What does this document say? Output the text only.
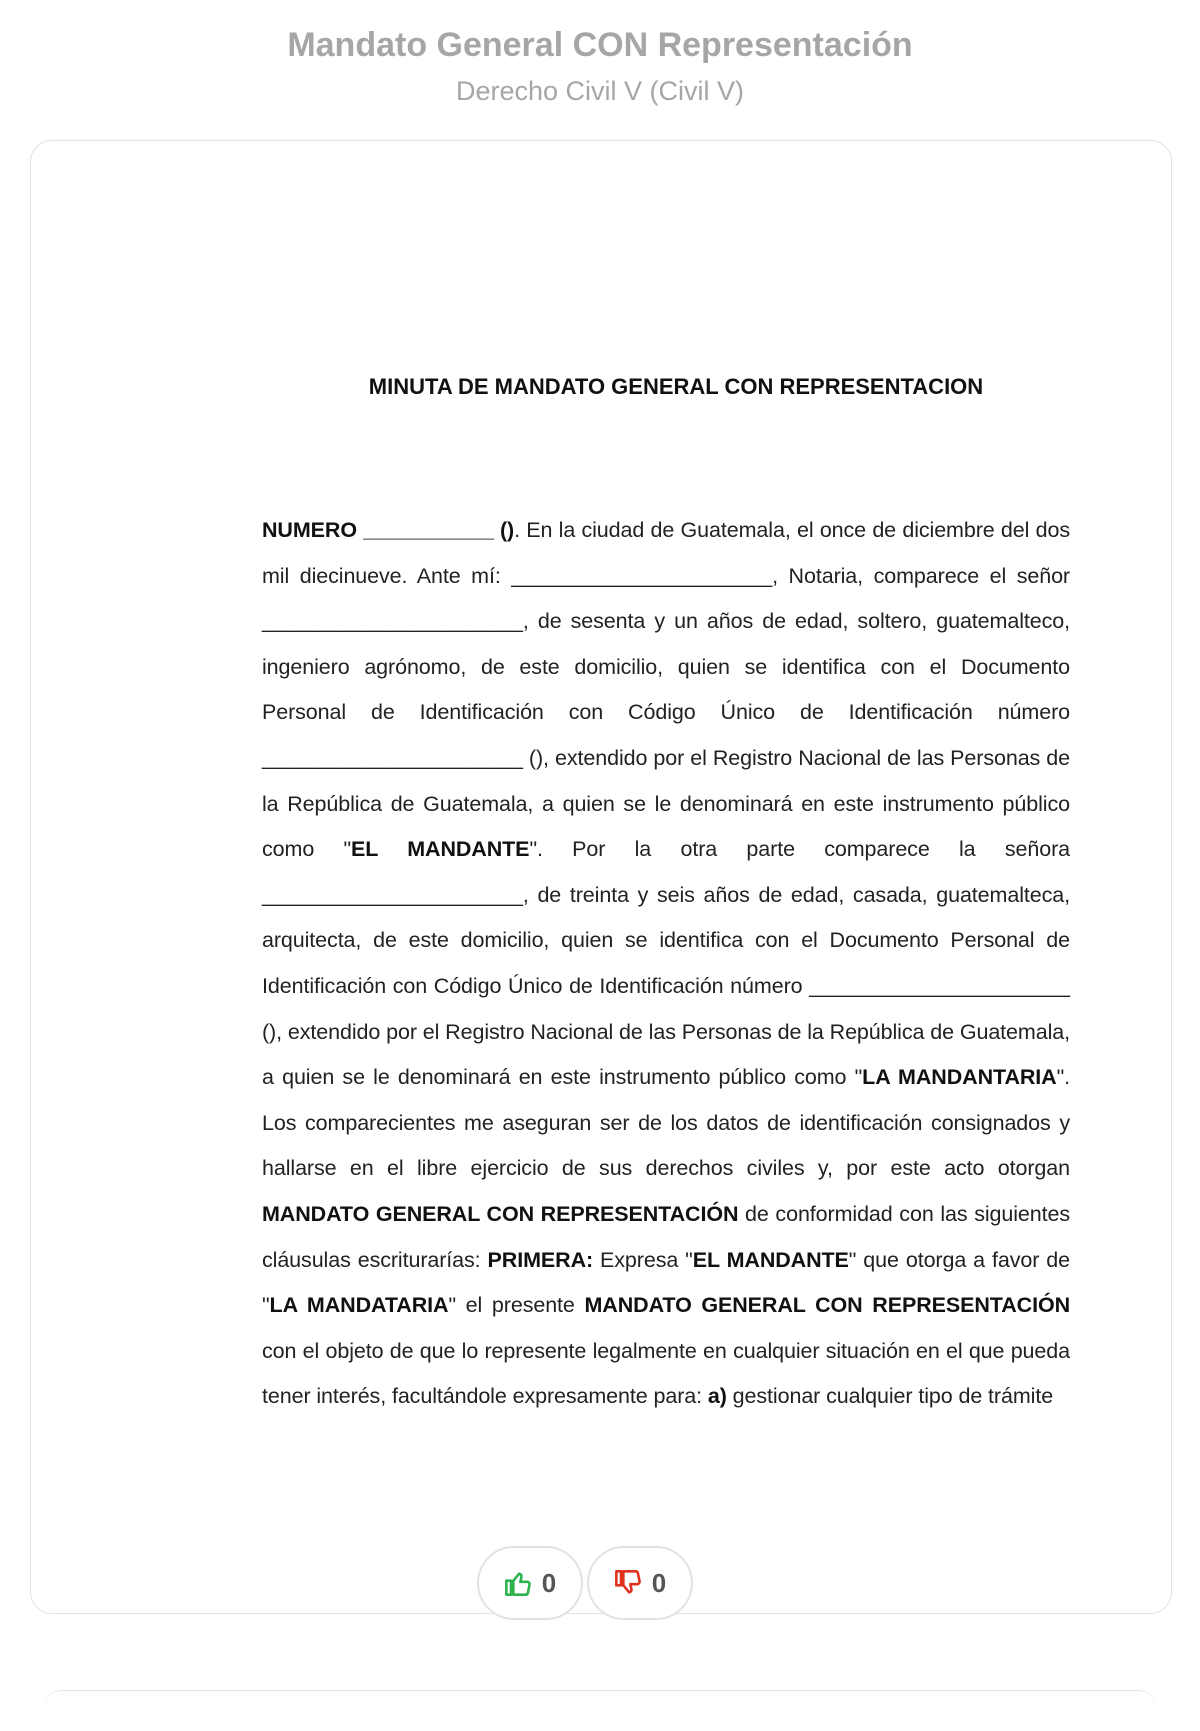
Mandato General CON Representación
Derecho Civil V (Civil V)
MINUTA DE MANDATO GENERAL CON REPRESENTACION
NUMERO ___________ (). En la ciudad de Guatemala, el once de diciembre del dos mil diecinueve. Ante mí: ______________________, Notaria, comparece el señor ______________________, de sesenta y un años de edad, soltero, guatemalteco, ingeniero agrónomo, de este domicilio, quien se identifica con el Documento Personal de Identificación con Código Único de Identificación número ______________________ (), extendido por el Registro Nacional de las Personas de la República de Guatemala, a quien se le denominará en este instrumento público como "EL MANDANTE". Por la otra parte comparece la señora ______________________, de treinta y seis años de edad, casada, guatemalteca, arquitecta, de este domicilio, quien se identifica con el Documento Personal de Identificación con Código Único de Identificación número ______________________ (), extendido por el Registro Nacional de las Personas de la República de Guatemala, a quien se le denominará en este instrumento público como "LA MANDANTARIA". Los comparecientes me aseguran ser de los datos de identificación consignados y hallarse en el libre ejercicio de sus derechos civiles y, por este acto otorgan MANDATO GENERAL CON REPRESENTACIÓN de conformidad con las siguientes cláusulas escriturarías: PRIMERA: Expresa "EL MANDANTE" que otorga a favor de "LA MANDATARIA" el presente MANDATO GENERAL CON REPRESENTACIÓN con el objeto de que lo represente legalmente en cualquier situación en el que pueda tener interés, facultándole expresamente para: a) gestionar cualquier tipo de trámite
0	0
